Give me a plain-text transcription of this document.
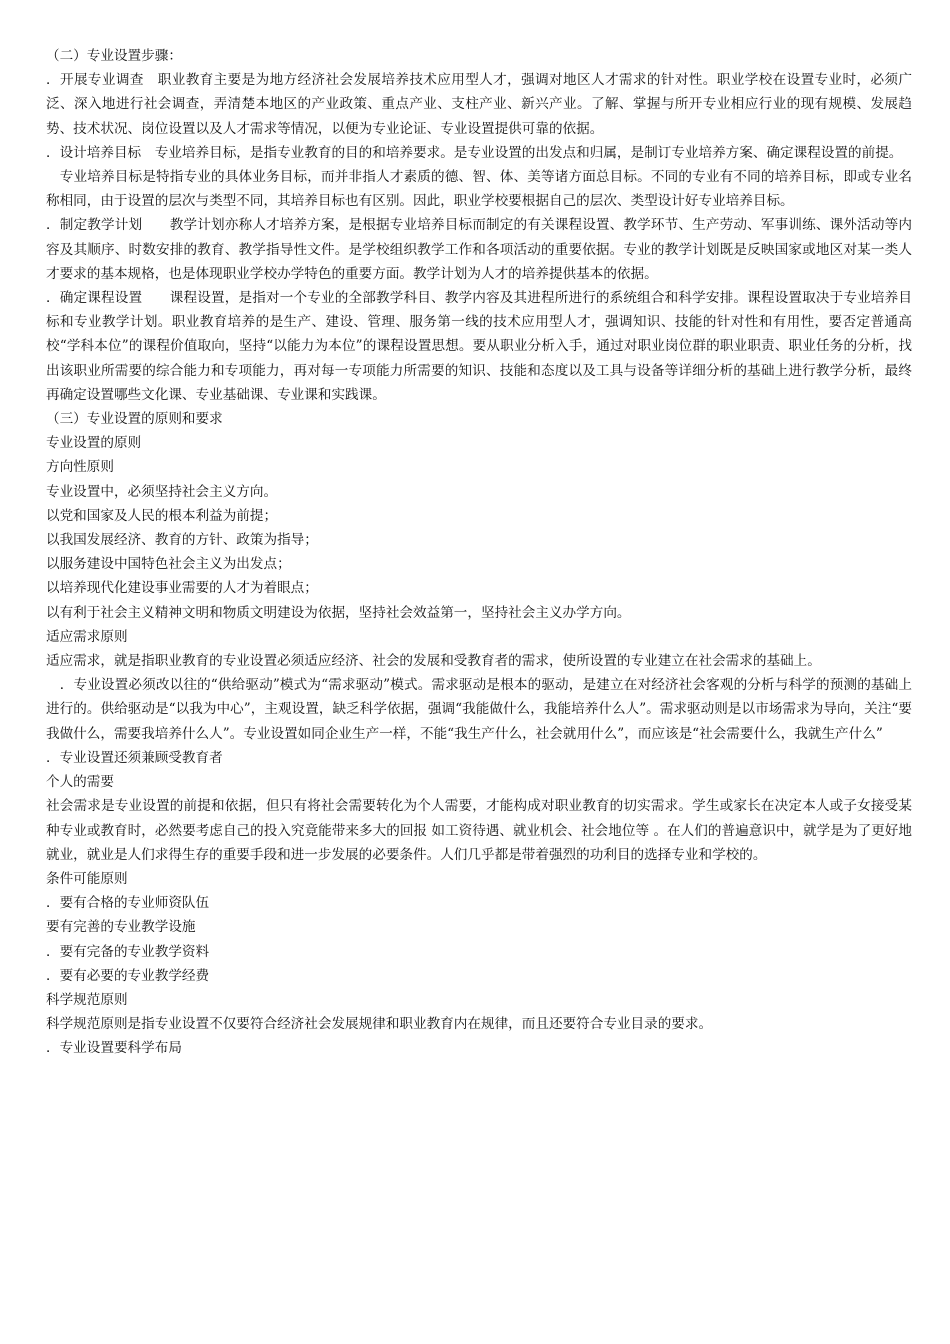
（二）专业设置步骤：

．开展专业调查　职业教育主要是为地方经济社会发展培养技术应用型人才，强调对地区人才需求的针对性。职业学校在设置专业时，必须广泛、深入地进行社会调查，弄清楚本地区的产业政策、重点产业、支柱产业、新兴产业。了解、掌握与所开专业相应行业的现有规模、发展趋势、技术状况、岗位设置以及人才需求等情况，以便为专业论证、专业设置提供可靠的依据。

．设计培养目标　专业培养目标，是指专业教育的目的和培养要求。是专业设置的出发点和归属，是制订专业培养方案、确定课程设置的前提。

　专业培养目标是特指专业的具体业务目标，而并非指人才素质的德、智、体、美等诸方面总目标。不同的专业有不同的培养目标，即或专业名称相同，由于设置的层次与类型不同，其培养目标也有区别。因此，职业学校要根据自己的层次、类型设计好专业培养目标。

．制定教学计划　　教学计划亦称人才培养方案，是根据专业培养目标而制定的有关课程设置、教学环节、生产劳动、军事训练、课外活动等内容及其顺序、时数安排的教育、教学指导性文件。是学校组织教学工作和各项活动的重要依据。专业的教学计划既是反映国家或地区对某一类人才要求的基本规格，也是体现职业学校办学特色的重要方面。教学计划为人才的培养提供基本的依据。

．确定课程设置　　课程设置，是指对一个专业的全部教学科目、教学内容及其进程所进行的系统组合和科学安排。课程设置取决于专业培养目标和专业教学计划。职业教育培养的是生产、建设、管理、服务第一线的技术应用型人才，强调知识、技能的针对性和有用性，要否定普通高校“学科本位”的课程价值取向，坚持“以能力为本位”的课程设置思想。要从职业分析入手，通过对职业岗位群的职业职责、职业任务的分析，找出该职业所需要的综合能力和专项能力，再对每一专项能力所需要的知识、技能和态度以及工具与设备等详细分析的基础上进行教学分析，最终再确定设置哪些文化课、专业基础课、专业课和实践课。

（三）专业设置的原则和要求

专业设置的原则

方向性原则

专业设置中，必须坚持社会主义方向。

以党和国家及人民的根本利益为前提；

以我国发展经济、教育的方针、政策为指导；

以服务建设中国特色社会主义为出发点；

以培养现代化建设事业需要的人才为着眼点；

以有利于社会主义精神文明和物质文明建设为依据，坚持社会效益第一，坚持社会主义办学方向。

适应需求原则

适应需求，就是指职业教育的专业设置必须适应经济、社会的发展和受教育者的需求，使所设置的专业建立在社会需求的基础上。

　．专业设置必须改以往的“供给驱动”模式为“需求驱动”模式。需求驱动是根本的驱动，是建立在对经济社会客观的分析与科学的预测的基础上进行的。供给驱动是“以我为中心”，主观设置，缺乏科学依据，强调“我能做什么，我能培养什么人”。需求驱动则是以市场需求为导向，关注“要我做什么，需要我培养什么人”。专业设置如同企业生产一样，不能“我生产什么，社会就用什么”，而应该是“社会需要什么，我就生产什么”

．专业设置还须兼顾受教育者

个人的需要

社会需求是专业设置的前提和依据，但只有将社会需要转化为个人需要，才能构成对职业教育的切实需求。学生或家长在决定本人或子女接受某种专业或教育时，必然要考虑自己的投入究竟能带来多大的回报 如工资待遇、就业机会、社会地位等 。在人们的普遍意识中，就学是为了更好地就业，就业是人们求得生存的重要手段和进一步发展的必要条件。人们几乎都是带着强烈的功利目的选择专业和学校的。

条件可能原则

．要有合格的专业师资队伍

要有完善的专业教学设施

．要有完备的专业教学资料

．要有必要的专业教学经费

科学规范原则

科学规范原则是指专业设置不仅要符合经济社会发展规律和职业教育内在规律，而且还要符合专业目录的要求。

．专业设置要科学布局
